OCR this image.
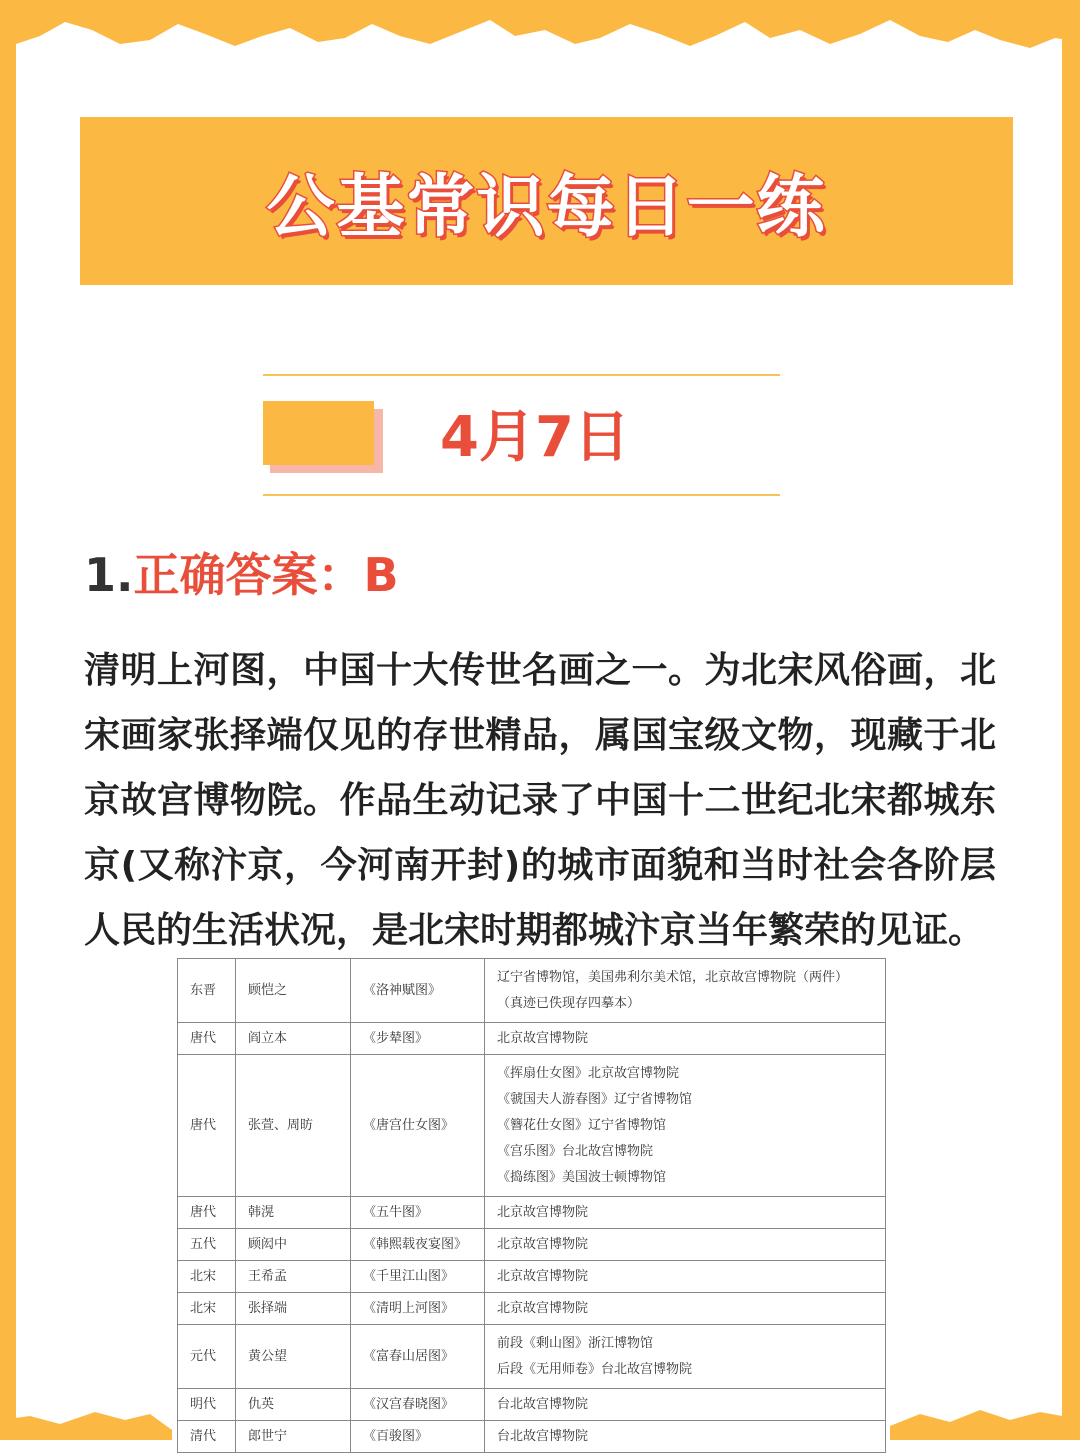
公基常识每日一练
4月7日
1.正确答案：B
清明上河图，中国十大传世名画之一。为北宋风俗画，北宋画家张择端仅见的存世精品，属国宝级文物，现藏于北京故宫博物院。作品生动记录了中国十二世纪北宋都城东京(又称汴京，今河南开封)的城市面貌和当时社会各阶层人民的生活状况，是北宋时期都城汴京当年繁荣的见证。
东晋	顾恺之	《洛神赋图》	辽宁省博物馆，美国弗利尔美术馆，北京故宫博物院（两件）
（真迹已佚现存四摹本）

唐代	阎立本	《步辇图》	北京故宫博物院

唐代	张萱、周昉	《唐宫仕女图》	《挥扇仕女图》北京故宫博物院
《虢国夫人游春图》辽宁省博物馆
《簪花仕女图》辽宁省博物馆
《宫乐图》台北故宫博物院
《捣练图》美国波士顿博物馆

唐代	韩滉	《五牛图》	北京故宫博物院

五代	顾闳中	《韩熙载夜宴图》	北京故宫博物院

北宋	王希孟	《千里江山图》	北京故宫博物院

北宋	张择端	《清明上河图》	北京故宫博物院

元代	黄公望	《富春山居图》	前段《剩山图》浙江博物馆
后段《无用师卷》台北故宫博物院

明代	仇英	《汉宫春晓图》	台北故宫博物院

清代	郎世宁	《百骏图》	台北故宫博物院
